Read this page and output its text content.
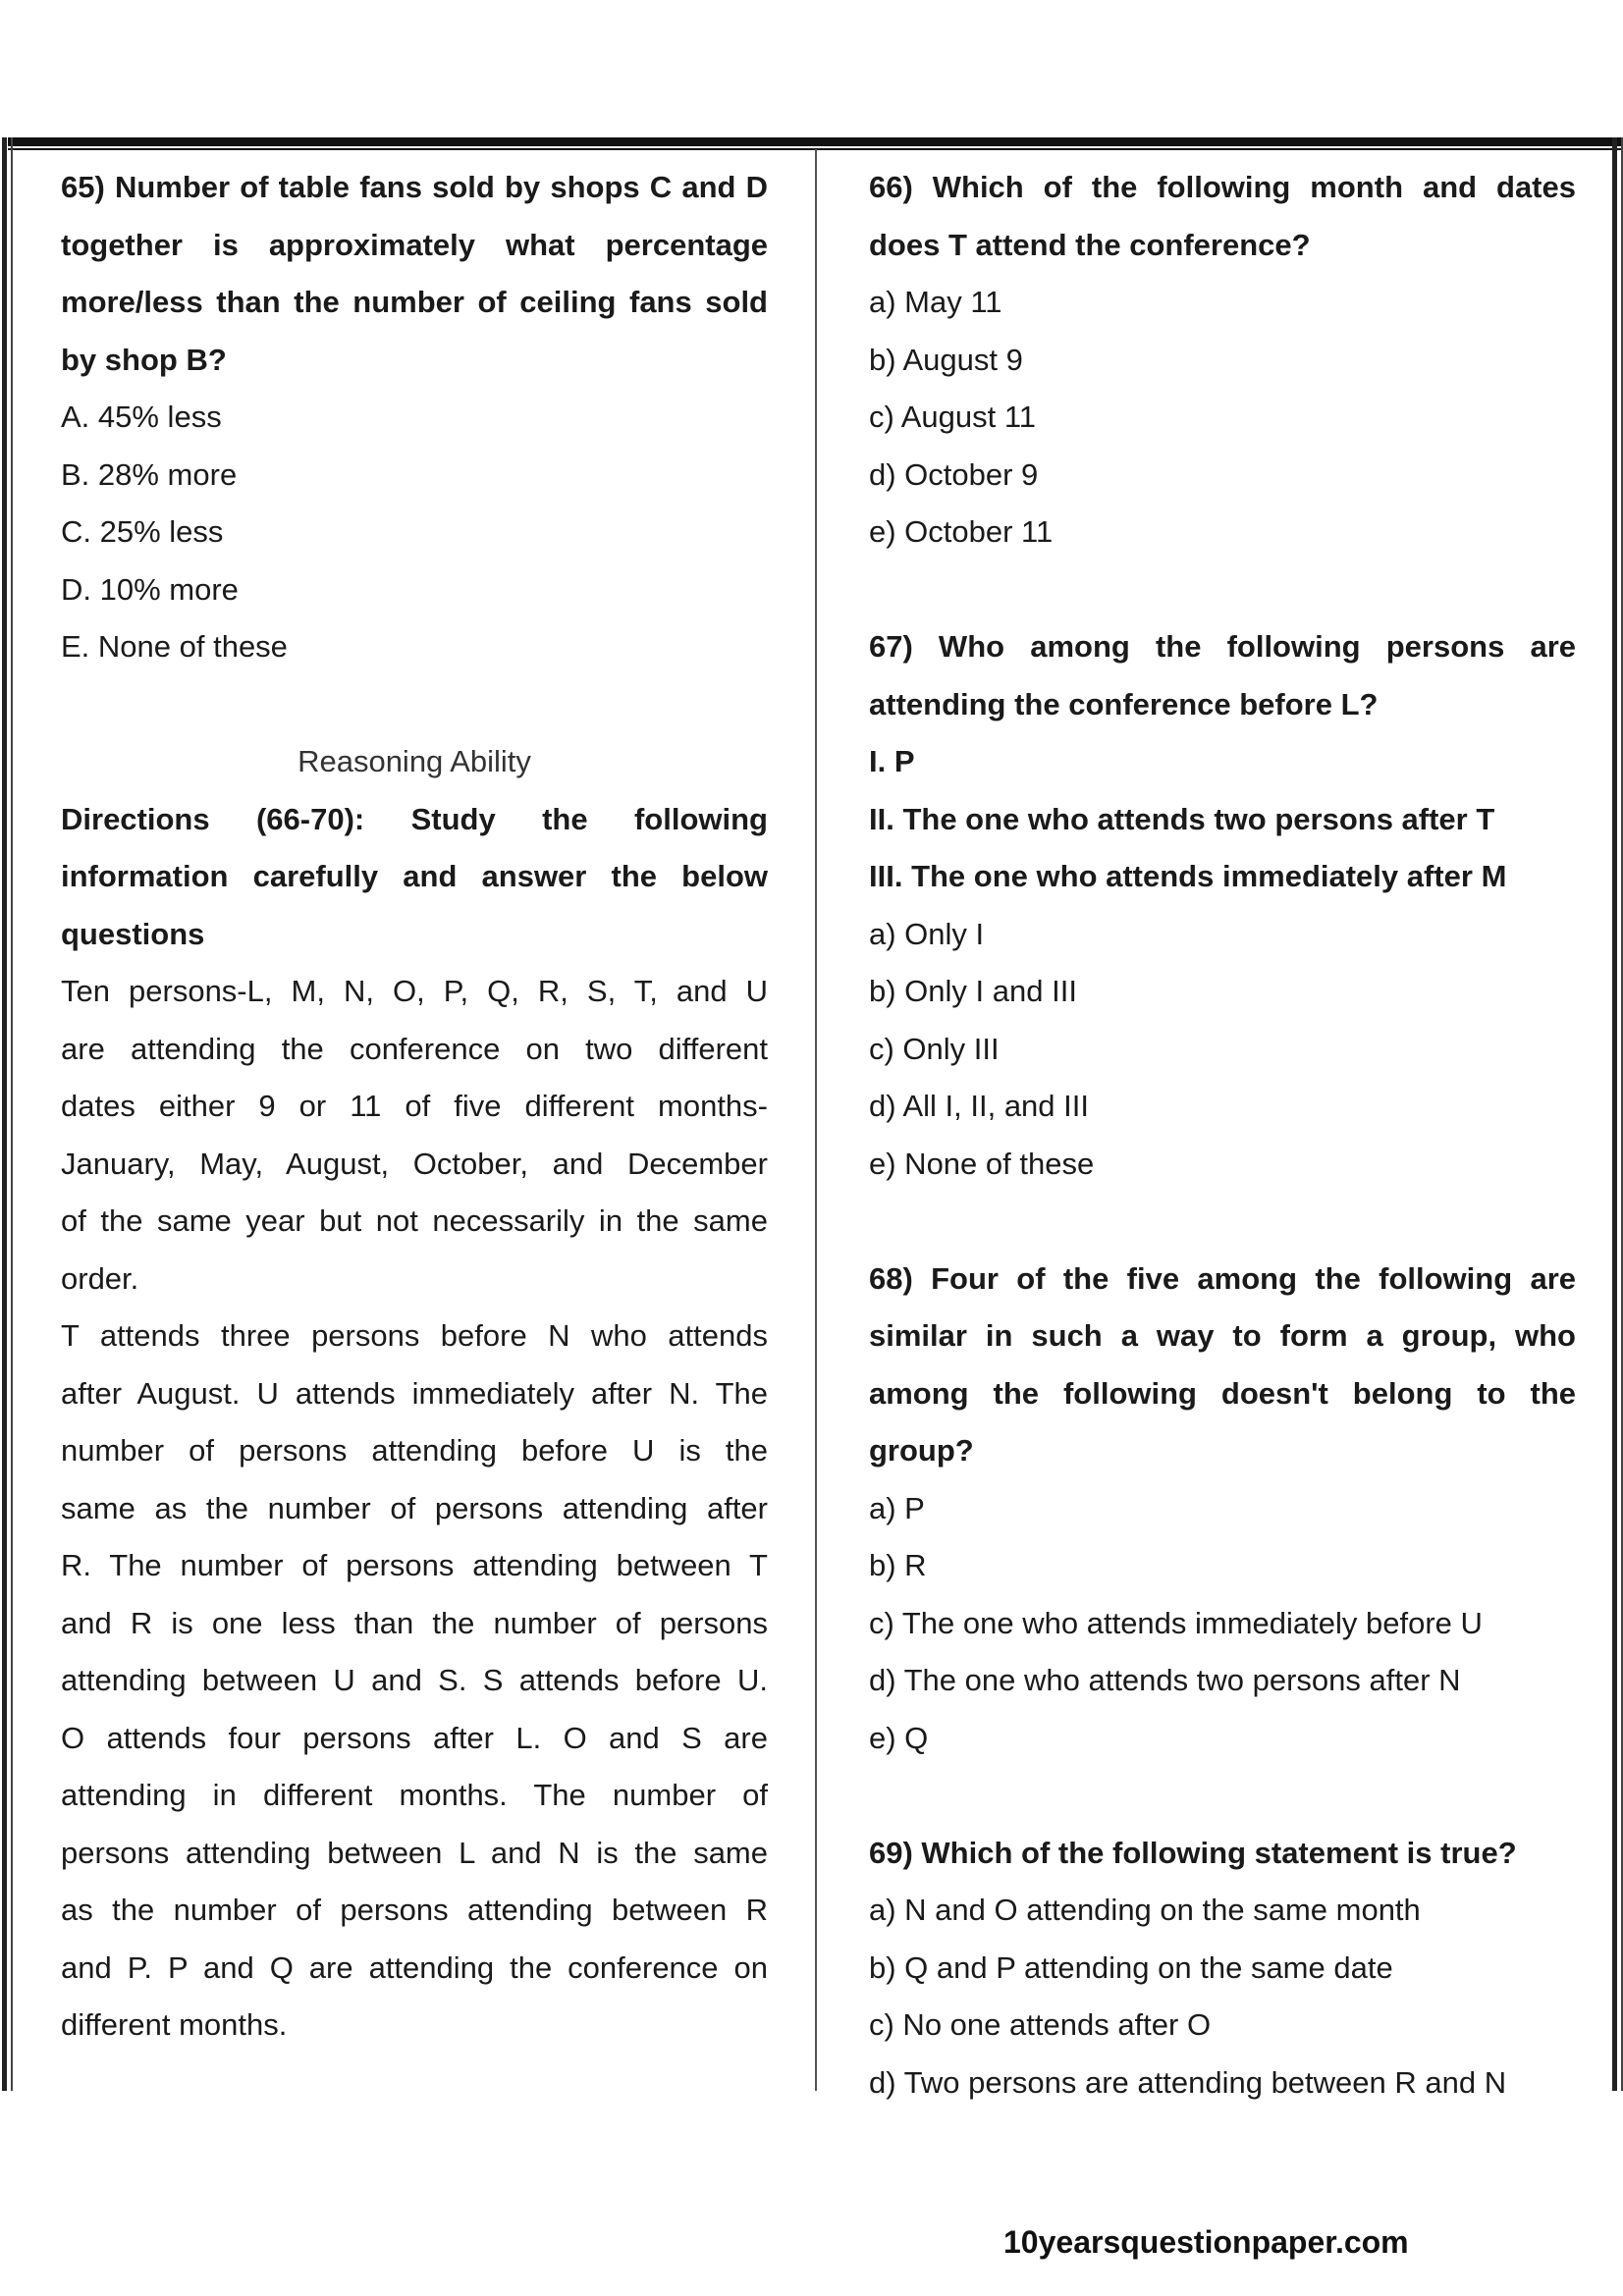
65) Number of table fans sold by shops C and D
together is approximately what percentage
more/less than the number of ceiling fans sold
by shop B?
A. 45% less
B. 28% more
C. 25% less
D. 10% more
E. None of these
Reasoning Ability
Directions (66-70): Study the following
information carefully and answer the below
questions
Ten persons-L, M, N, O, P, Q, R, S, T, and U
are attending the conference on two different
dates either 9 or 11 of five different months-
January, May, August, October, and December
of the same year but not necessarily in the same
order.
T attends three persons before N who attends
after August. U attends immediately after N. The
number of persons attending before U is the
same as the number of persons attending after
R. The number of persons attending between T
and R is one less than the number of persons
attending between U and S. S attends before U.
O attends four persons after L. O and S are
attending in different months. The number of
persons attending between L and N is the same
as the number of persons attending between R
and P. P and Q are attending the conference on
different months.
66) Which of the following month and dates
does T attend the conference?
a) May 11
b) August 9
c) August 11
d) October 9
e) October 11
67) Who among the following persons are
attending the conference before L?
I. P
II. The one who attends two persons after T
III. The one who attends immediately after M
a) Only I
b) Only I and III
c) Only III
d) All I, II, and III
e) None of these
68) Four of the five among the following are
similar in such a way to form a group, who
among the following doesn't belong to the
group?
a) P
b) R
c) The one who attends immediately before U
d) The one who attends two persons after N
e) Q
69) Which of the following statement is true?
a) N and O attending on the same month
b) Q and P attending on the same date
c) No one attends after O
d) Two persons are attending between R and N
10yearsquestionpaper.com
